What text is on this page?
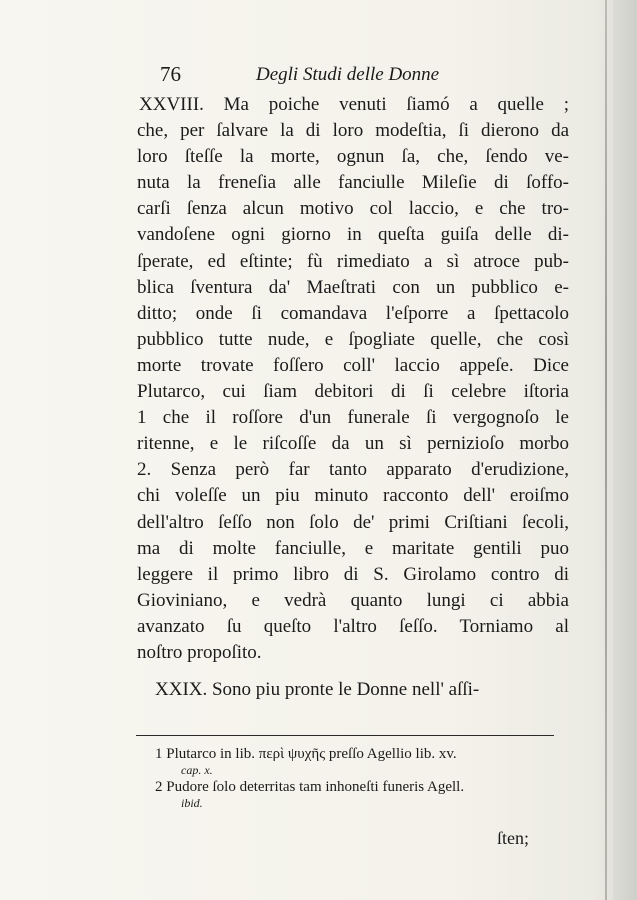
76	Degli Studi delle Donne
XXVIII. Ma poiche venuti ſiamó a quelle ;
che, per ſalvare la di loro modeſtia, ſi dierono da
loro ſteſſe la morte, ognun ſa, che, ſendo ve-
nuta la freneſia alle fanciulle Mileſie di ſoffo-
carſi ſenza alcun motivo col laccio, e che tro-
vandoſene ogni giorno in queſta guiſa delle di-
ſperate, ed eſtinte; fù rimediato a sì atroce pub-
blica ſventura da' Maeſtrati con un pubblico e-
ditto; onde ſi comandava l'eſporre a ſpettacolo
pubblico tutte nude, e ſpogliate quelle, che così
morte trovate foſſero coll' laccio appeſe. Dice
Plutarco, cui ſiam debitori di ſi celebre iſtoria
1 che il roſſore d'un funerale ſi vergognoſo le
ritenne, e le riſcoſſe da un sì pernizioſo morbo
2. Senza però far tanto apparato d'erudizione,
chi voleſſe un piu minuto racconto dell' eroiſmo
dell'altro ſeſſo non ſolo de' primi Criſtiani ſecoli,
ma di molte fanciulle, e maritate gentili puo
leggere il primo libro di S. Girolamo contro di
Gioviniano, e vedrà quanto lungi ci abbia
avanzato ſu queſto l'altro ſeſſo. Torniamo al
noſtro propoſito.
XXIX. Sono piu pronte le Donne nell' aſſi-
1 Plutarco in lib. περὶ ψυχῆς preſſo Agellio lib. xv.
cap. x.
2 Pudore ſolo deterritas tam inhoneſti funeris Agell.
ibid.
ſten;
